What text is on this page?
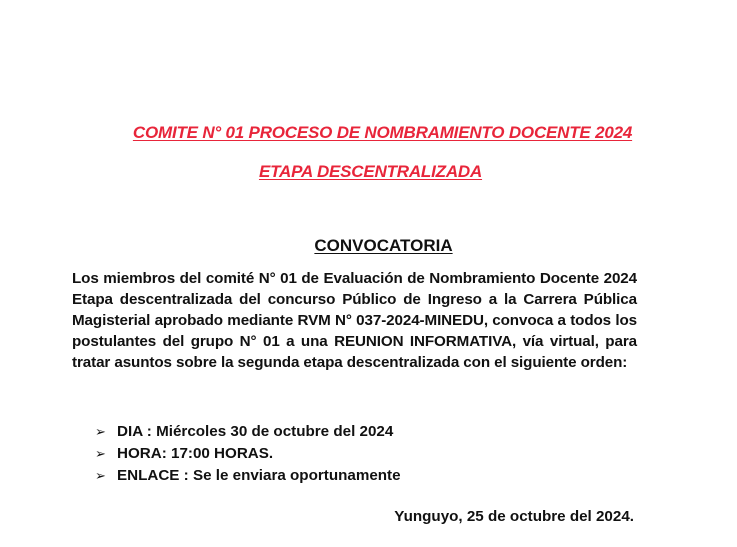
COMITE N° 01 PROCESO DE NOMBRAMIENTO DOCENTE 2024
ETAPA DESCENTRALIZADA
CONVOCATORIA
Los miembros del comité N° 01 de Evaluación de Nombramiento Docente 2024 Etapa descentralizada del concurso Público de Ingreso a la Carrera Pública Magisterial aprobado mediante RVM N° 037-2024-MINEDU, convoca a todos los postulantes del grupo N° 01 a una REUNION INFORMATIVA, vía virtual, para tratar asuntos sobre la segunda etapa descentralizada con el siguiente orden:
➢ DIA : Miércoles 30 de octubre del 2024
➢ HORA: 17:00 HORAS.
➢ ENLACE : Se le enviara oportunamente
Yunguyo, 25 de octubre del 2024.
